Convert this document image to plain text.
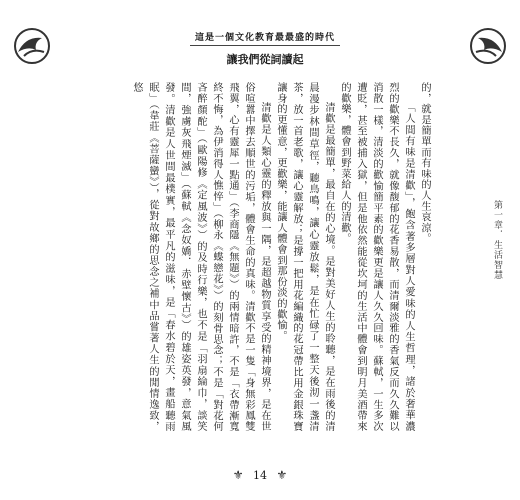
這是一個文化教育最最盛的時代
讓我們從詞讀起
第一章．生活智慧

的，就是簡單而有味的人生哀涼。

「人間有味是清歡」，飽含著多層對人愛味的人生哲理，諸於奢華濃烈的歡樂不長久，就像馥郁的花香易散，而清爾淡雅的香氣反而久久難以消散一樣，清淡的歡愉簡平素的歡樂更是讓人久久回味。蘇軾，一生多次遭貶，甚至被捕入獄，但是他依然能從坎坷的生活中體會到明月美酒帶來的歡樂，體會到野菜給人的清歡。

清歡是最簡單，最自在的心境。是對美好人生的聆聽，是在雨後的清晨漫步林間草徑，聽鳥鳴，讓心靈放鬆，是在忙碌了一整天後沏一盞清茶，放一首老歌，讓心靈解放；是撐一把用花編織的花冠帶比用金銀珠寶讓身的更懂意，更歡樂，能讓人體會到那份淡的歡愉。

清歡是人類心靈的釋放與一隅，是超越物質享受的精神境界，是在世俗喧囂中擇去順世的污垢，體會生命的真味。清歡不是一隻「身無彩鳳雙飛翼，心有靈犀一點通」（李商隱《無題》）的兩情暗許，不是「衣帶漸寬終不悔，為伊消得人憔悴」（柳永《蝶戀花》）的刻骨思念；不是「對花何吝醉顏酡」（歐陽修《定風波》）的及時行樂，也不是「羽扇綸巾，談笑間，強虜灰飛煙滅」（蘇軾《念奴嬌．赤壁懷古》）的雄姿英發，意氣風發。清歡是人世間最樸實，最平凡的滋味，是「春水碧於天，畫船聽雨眠」（韋莊《菩薩蠻》），從對故鄉的思念之補中品嘗著人生的閒情逸致，悠

⚜ 14 ⚜
